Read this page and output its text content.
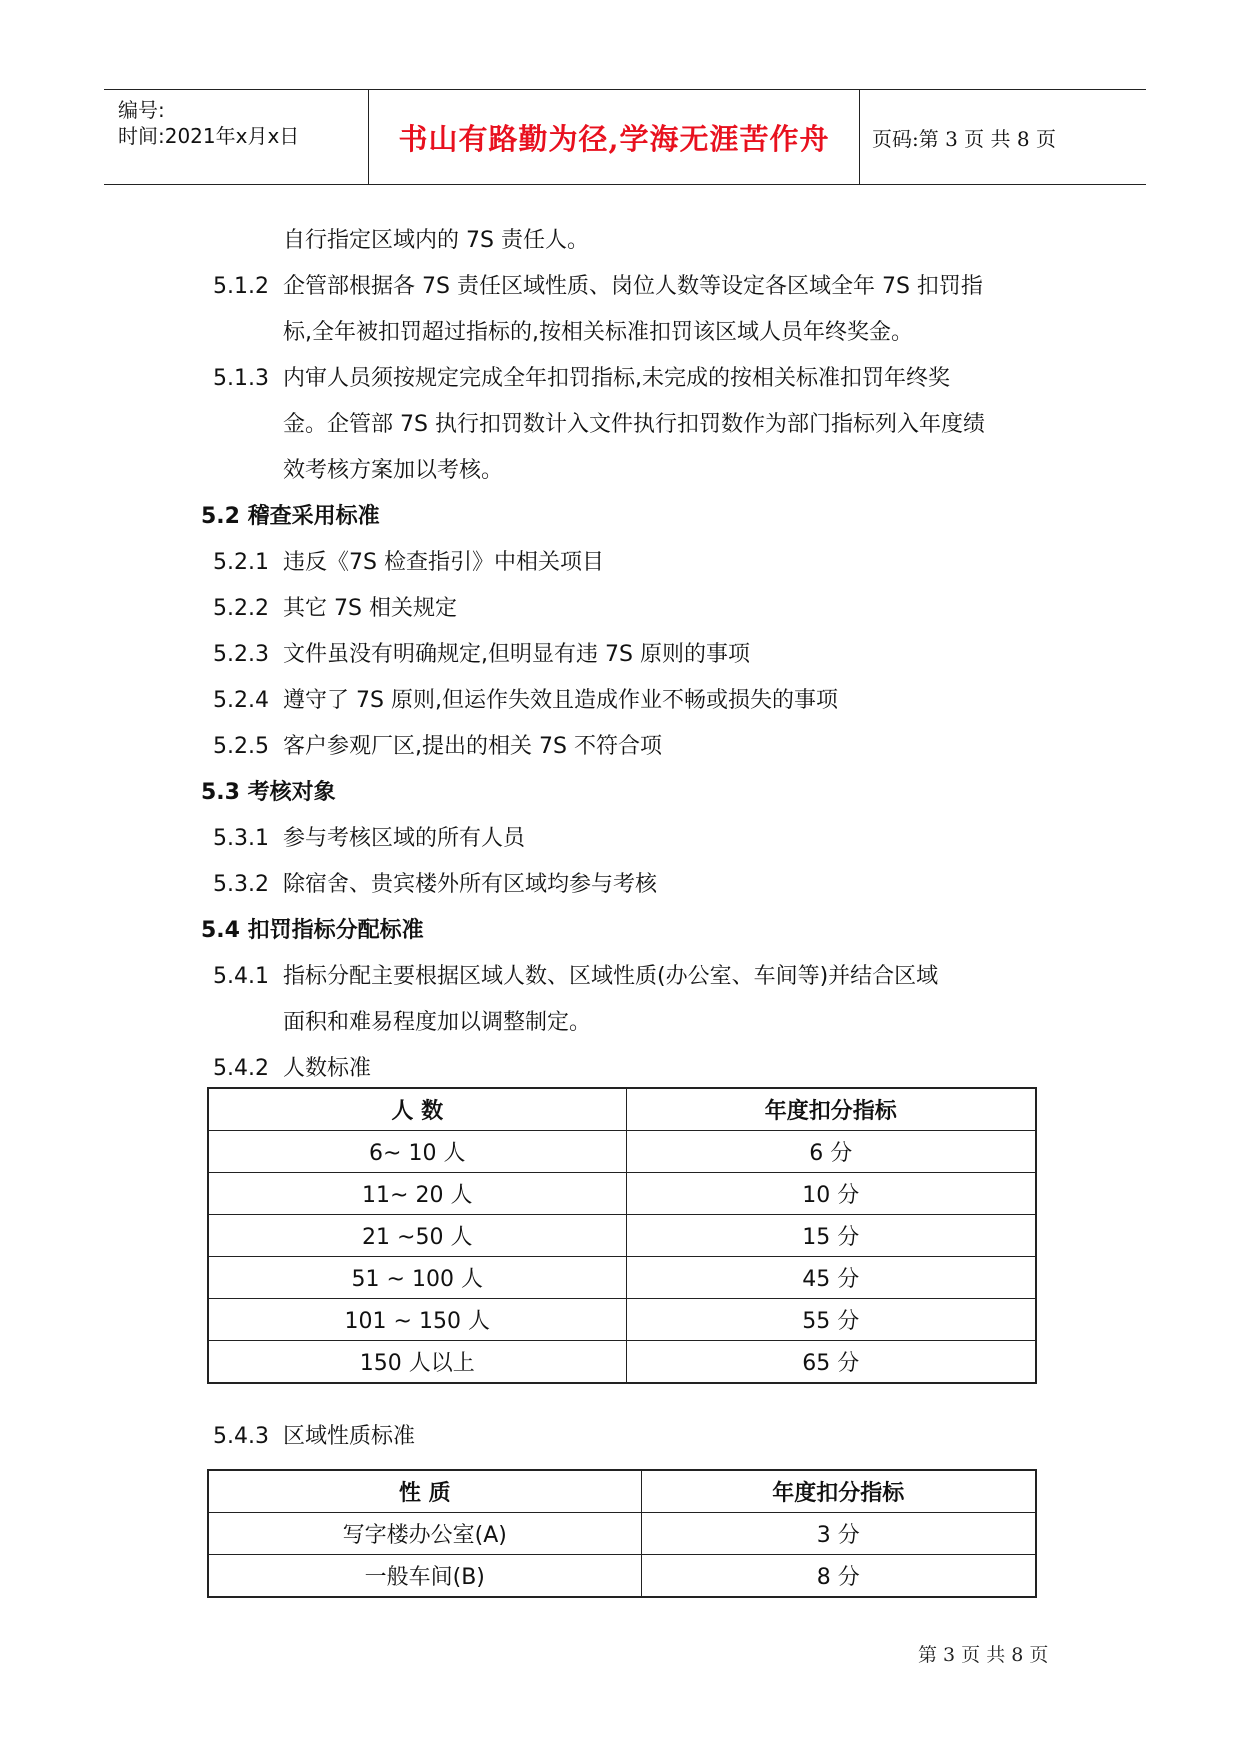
编号:
时间:2021年x月x日	书山有路勤为径,学海无涯苦作舟	页码:第 3 页 共 8 页
自行指定区域内的 7S 责任人。
5.1.2 企管部根据各 7S 责任区域性质、岗位人数等设定各区域全年 7S 扣罚指
标,全年被扣罚超过指标的,按相关标准扣罚该区域人员年终奖金。
5.1.3 内审人员须按规定完成全年扣罚指标,未完成的按相关标准扣罚年终奖
金。企管部 7S 执行扣罚数计入文件执行扣罚数作为部门指标列入年度绩
效考核方案加以考核。
5.2 稽查采用标准
5.2.1 违反《7S 检查指引》中相关项目
5.2.2 其它 7S 相关规定
5.2.3 文件虽没有明确规定,但明显有违 7S 原则的事项
5.2.4 遵守了 7S 原则,但运作失效且造成作业不畅或损失的事项
5.2.5 客户参观厂区,提出的相关 7S 不符合项
5.3 考核对象
5.3.1 参与考核区域的所有人员
5.3.2 除宿舍、贵宾楼外所有区域均参与考核
5.4 扣罚指标分配标准
5.4.1 指标分配主要根据区域人数、区域性质(办公室、车间等)并结合区域
面积和难易程度加以调整制定。
5.4.2 人数标准
人 数	年度扣分指标
6~ 10 人	6 分
11~ 20 人	10 分
21 ~50 人	15 分
51 ~ 100 人	45 分
101 ~ 150 人	55 分
150 人以上	65 分
5.4.3 区域性质标准
性 质	年度扣分指标
写字楼办公室(A)	3 分
一般车间(B)	8 分
第 3 页 共 8 页
